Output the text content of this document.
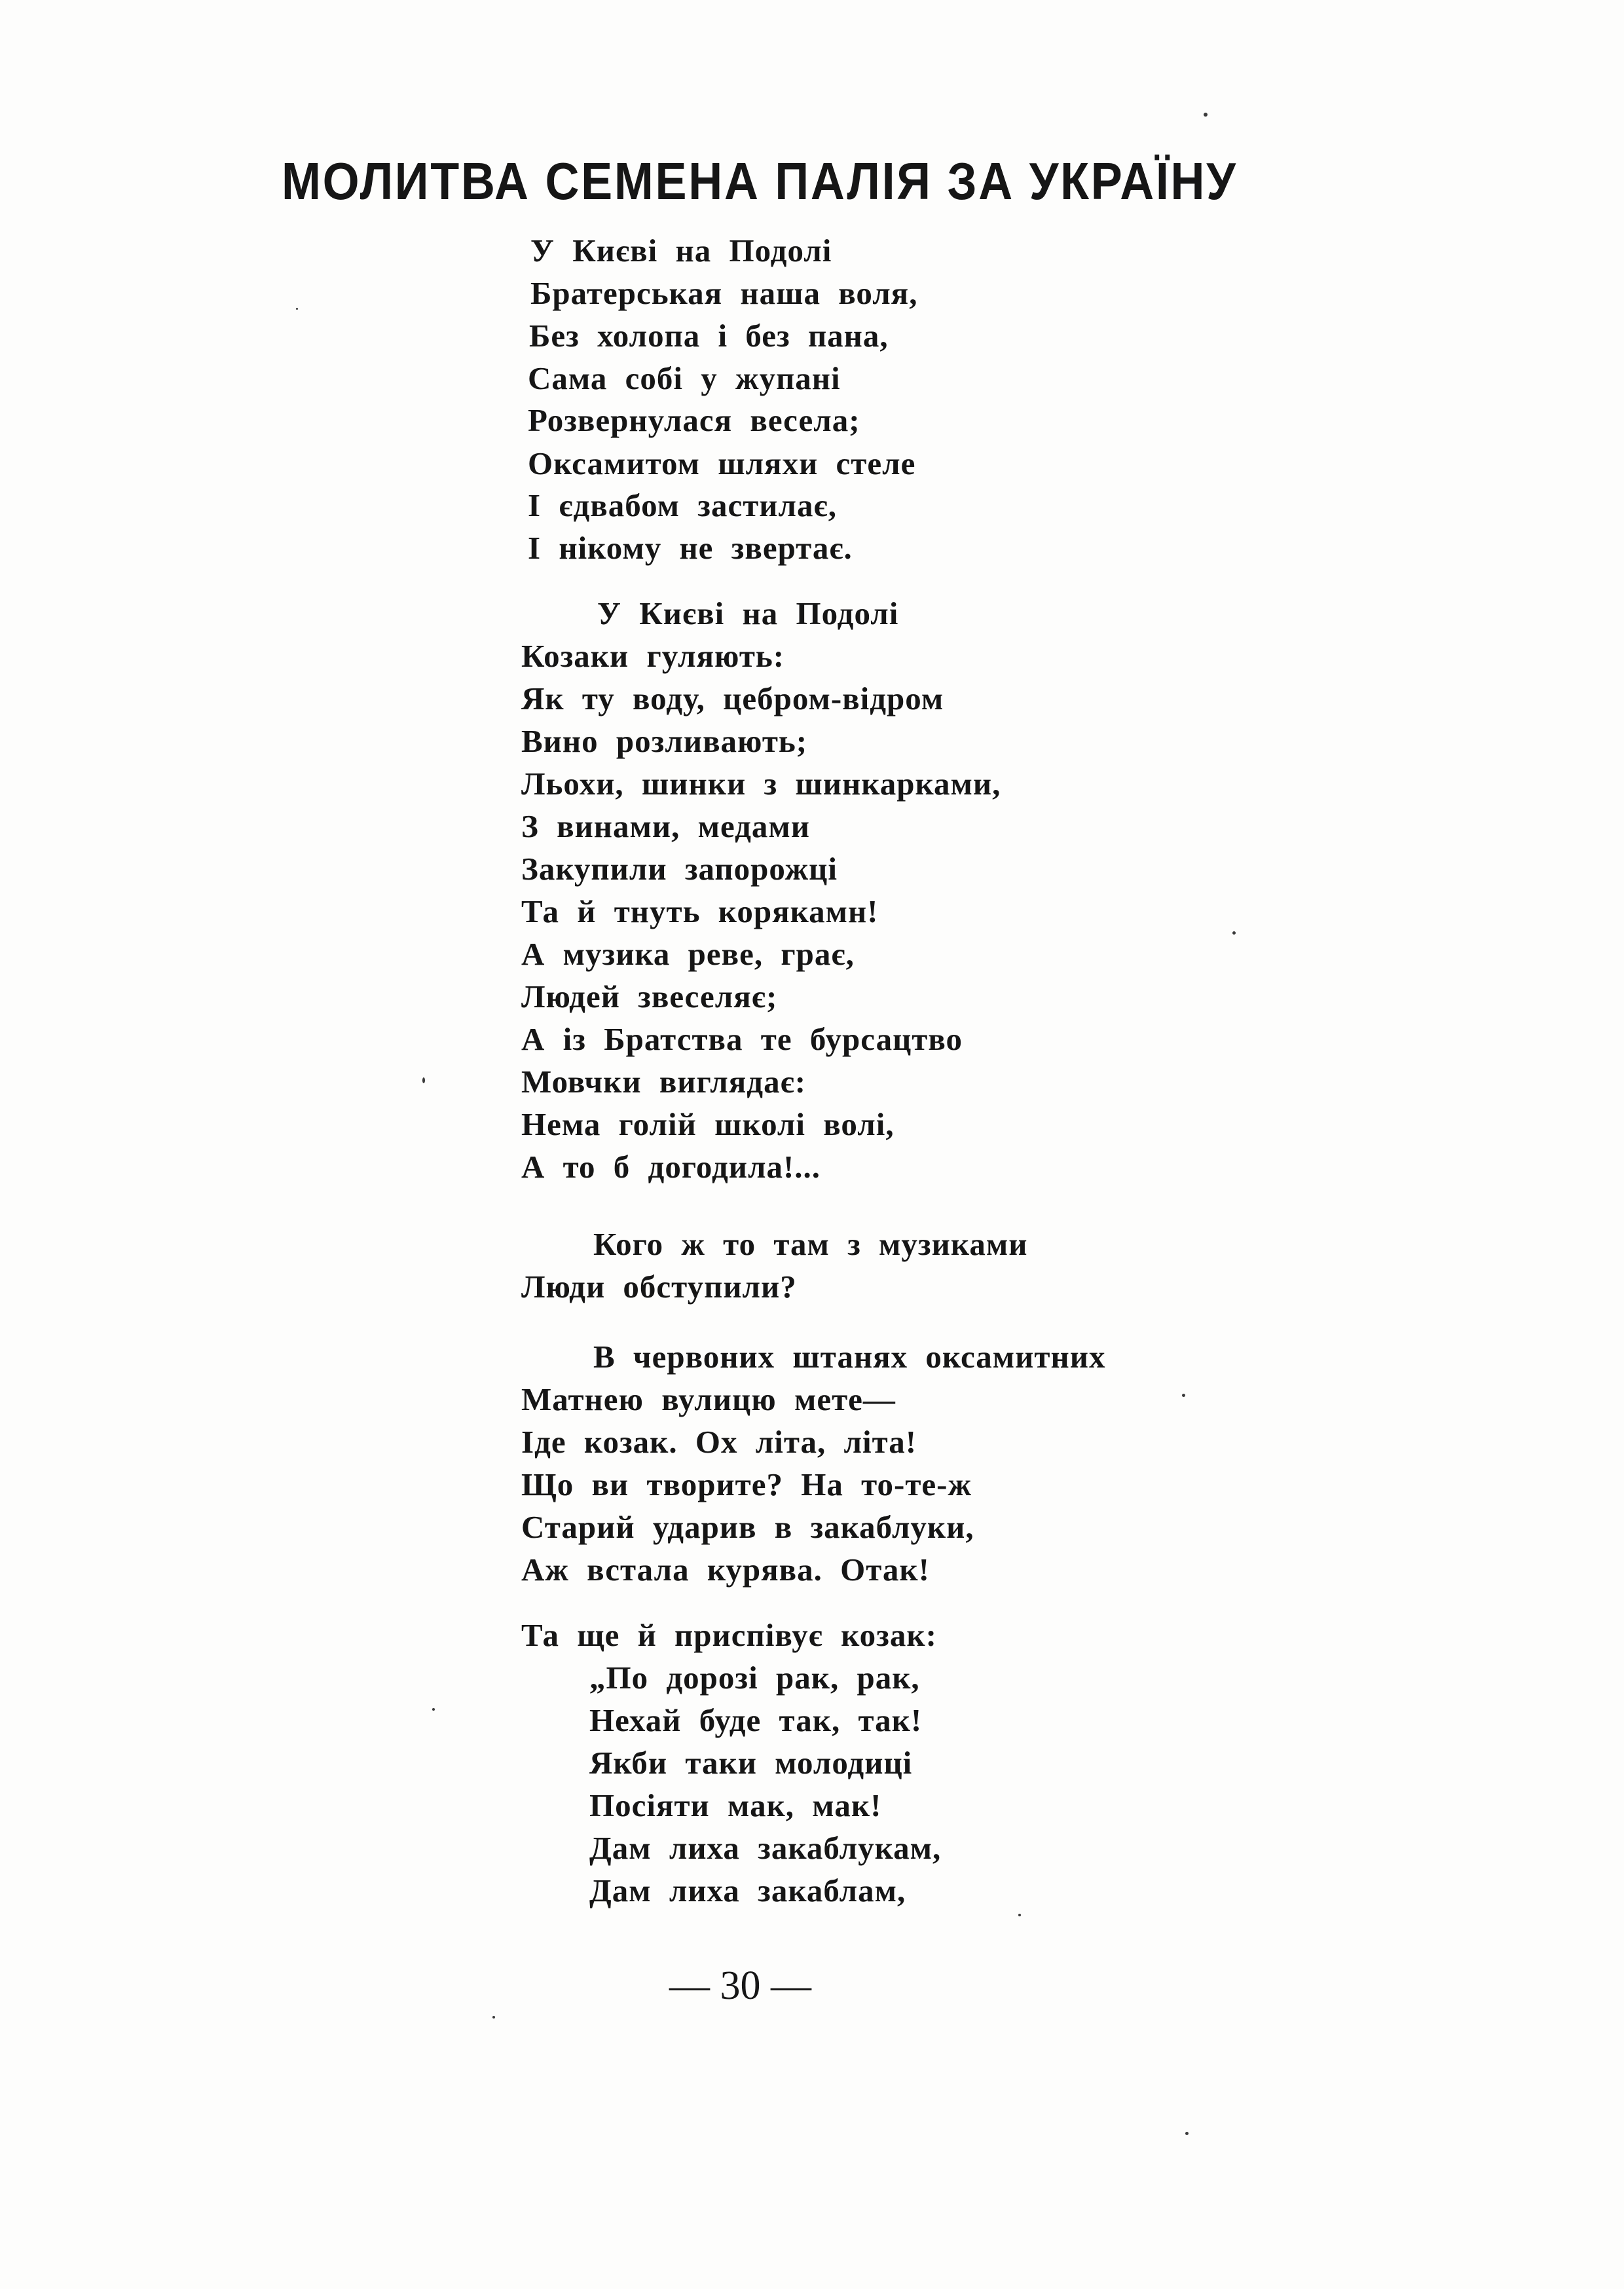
МОЛИТВА СЕМЕНА ПАЛІЯ ЗА УКРАЇНУ
У Києві на Подолі
Братерськая наша воля,
Без холопа і без пана,
Сама собі у жупані
Розвернулася весела;
Оксамитом шляхи стеле
І єдвабом застилає,
І нікому не звертає.
У Києві на Подолі
Козаки гуляють:
Як ту воду, цебром-відром
Вино розливають;
Льохи, шинки з шинкарками,
З винами, медами
Закупили запорожці
Та й тнуть корякамн!
А музика реве, грає,
Людей звеселяє;
А із Братства те бурсацтво
Мовчки виглядає:
Нема голій школі волі,
А то б догодила!...
Кого ж то там з музиками
Люди обступили?
В червоних штанях оксамитних
Матнею вулицю мете—
Іде козак. Ох літа, літа!
Що ви творите? На то-те-ж
Старий ударив в закаблуки,
Аж встала курява. Отак!
Та ще й приспівує козак:
„По дорозі рак, рак,
Нехай буде так, так!
Якби таки молодиці
Посіяти мак, мак!
Дам лиха закаблукам,
Дам лиха закаблам,
— 30 —
